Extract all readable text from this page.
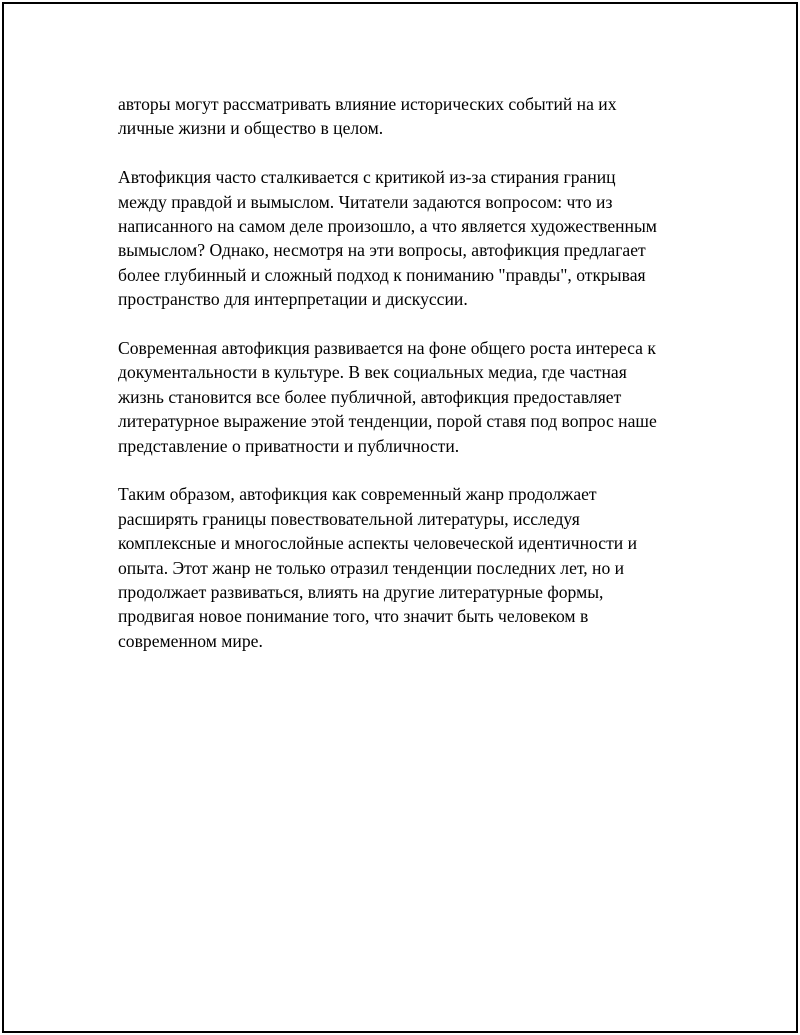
авторы могут рассматривать влияние исторических событий на их
личные жизни и общество в целом.

Автофикция часто сталкивается с критикой из-за стирания границ
между правдой и вымыслом. Читатели задаются вопросом: что из
написанного на самом деле произошло, а что является художественным
вымыслом? Однако, несмотря на эти вопросы, автофикция предлагает
более глубинный и сложный подход к пониманию "правды", открывая
пространство для интерпретации и дискуссии.

Современная автофикция развивается на фоне общего роста интереса к
документальности в культуре. В век социальных медиа, где частная
жизнь становится все более публичной, автофикция предоставляет
литературное выражение этой тенденции, порой ставя под вопрос наше
представление о приватности и публичности.

Таким образом, автофикция как современный жанр продолжает
расширять границы повествовательной литературы, исследуя
комплексные и многослойные аспекты человеческой идентичности и
опыта. Этот жанр не только отразил тенденции последних лет, но и
продолжает развиваться, влиять на другие литературные формы,
продвигая новое понимание того, что значит быть человеком в
современном мире.
